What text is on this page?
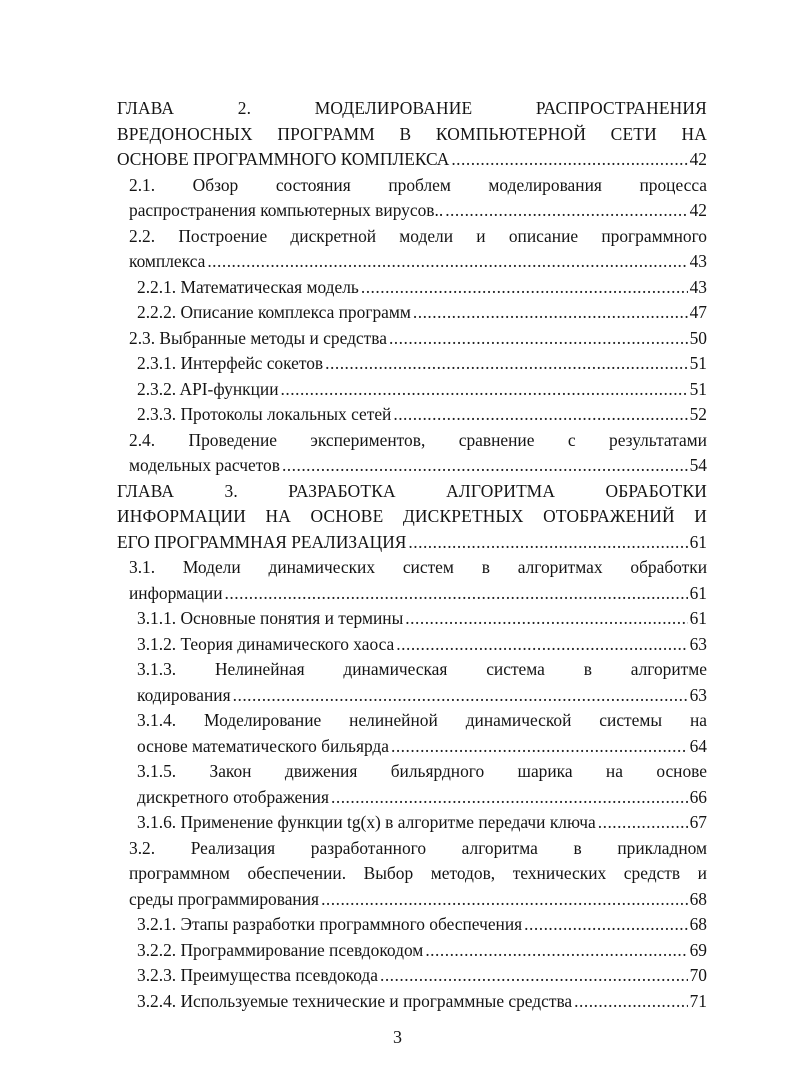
ГЛАВА 2. МОДЕЛИРОВАНИЕ РАСПРОСТРАНЕНИЯ
ВРЕДОНОСНЫХ ПРОГРАММ В КОМПЬЮТЕРНОЙ СЕТИ НА
ОСНОВЕ ПРОГРАММНОГО КОМПЛЕКСА .....	42
2.1. Обзор состояния проблем моделирования процесса
распространения компьютерных вирусов.. .....	42
2.2. Построение дискретной модели и описание программного
комплекса .....	43
2.2.1. Математическая модель .....	43
2.2.2. Описание комплекса программ .....	47
2.3. Выбранные методы и средства .....	50
2.3.1. Интерфейс сокетов .....	51
2.3.2. API-функции .....	51
2.3.3. Протоколы локальных сетей .....	52
2.4. Проведение экспериментов, сравнение с результатами
модельных расчетов .....	54
ГЛАВА 3. РАЗРАБОТКА АЛГОРИТМА ОБРАБОТКИ
ИНФОРМАЦИИ НА ОСНОВЕ ДИСКРЕТНЫХ ОТОБРАЖЕНИЙ И
ЕГО ПРОГРАММНАЯ РЕАЛИЗАЦИЯ .....	61
3.1. Модели динамических систем в алгоритмах обработки
информации .....	61
3.1.1. Основные понятия и термины .....	61
3.1.2. Теория динамического хаоса .....	63
3.1.3. Нелинейная динамическая система в алгоритме
кодирования .....	63
3.1.4. Моделирование нелинейной динамической системы на
основе математического бильярда .....	64
3.1.5. Закон движения бильярдного шарика на основе
дискретного отображения .....	66
3.1.6. Применение функции tg(x) в алгоритме передачи ключа .....	67
3.2. Реализация разработанного алгоритма в прикладном
программном обеспечении. Выбор методов, технических средств и
среды программирования .....	68
3.2.1. Этапы разработки программного обеспечения .....	68
3.2.2. Программирование псевдокодом .....	69
3.2.3. Преимущества псевдокода .....	70
3.2.4. Используемые технические и программные средства .....	71
3
